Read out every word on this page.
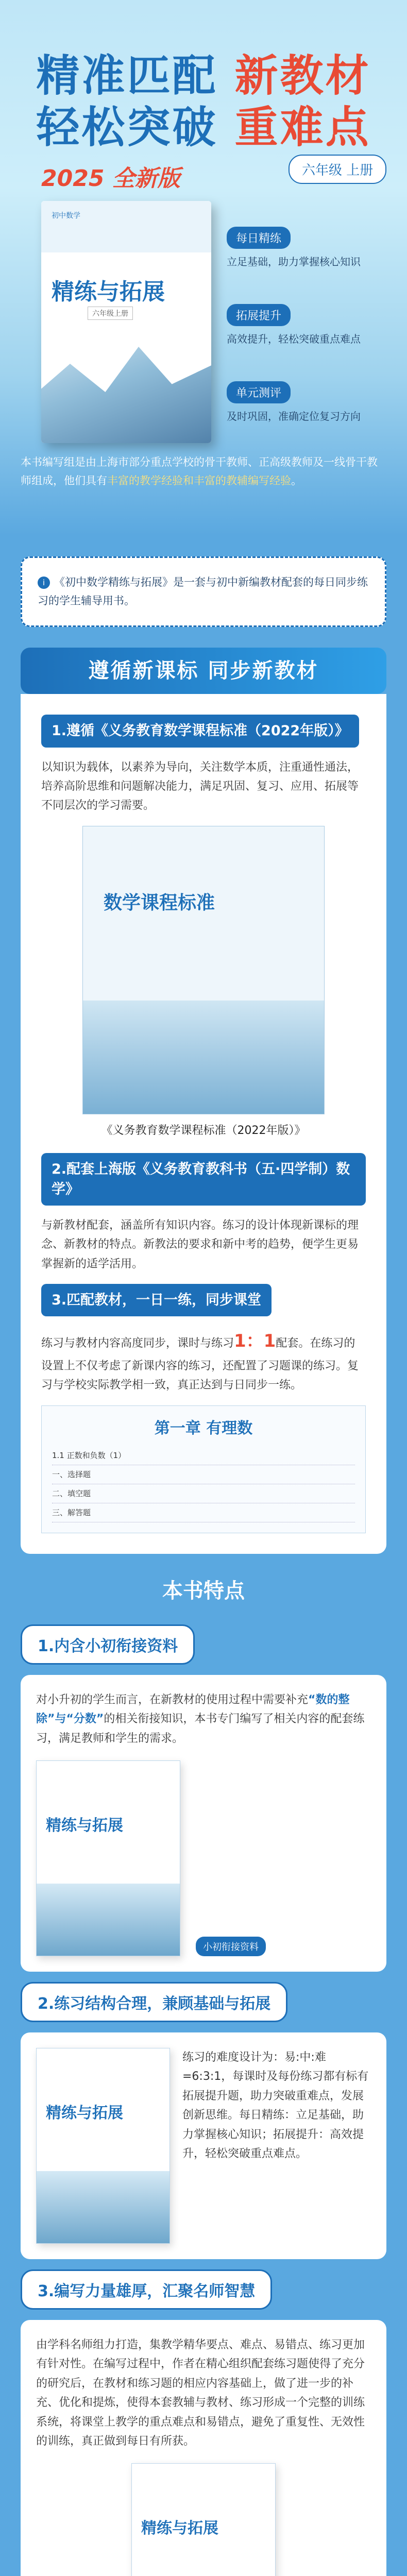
精准匹配 新教材
轻松突破 重难点
2025 全新版	六年级 上册
初中数学
精练与拓展
六年级上册
每日精练
立足基础，助力掌握核心知识
拓展提升
高效提升，轻松突破重点难点
单元测评
及时巩固，准确定位复习方向
本书编写组是由上海市部分重点学校的骨干教师、正高级教师及一线骨干教师组成，他们具有丰富的教学经验和丰富的教辅编写经验。

i 《初中数学精练与拓展》是一套与初中新编教材配套的每日同步练习的学生辅导用书。

遵循新课标 同步新教材
1.遵循《义务教育数学课程标准（2022年版）》
以知识为载体，以素养为导向，关注数学本质，注重通性通法，培养高阶思维和问题解决能力，满足巩固、复习、应用、拓展等不同层次的学习需要。
数学课程标准
《义务教育数学课程标准（2022年版）》
2.配套上海版《义务教育教科书（五·四学制）数学》
与新教材配套，涵盖所有知识内容。练习的设计体现新课标的理念、新教材的特点。新教法的要求和新中考的趋势，便学生更易掌握新的适学活用。
3.匹配教材，一日一练，同步课堂
练习与教材内容高度同步，课时与练习1：1配套。在练习的设置上不仅考虑了新课内容的练习，还配置了习题课的练习。复习与学校实际教学相一致，真正达到与日同步一练。
第一章 有理数
1.1 正数和负数（1）
一、选择题
二、填空题
三、解答题
本书特点
1.内含小初衔接资料
对小升初的学生而言，在新教材的使用过程中需要补充“数的整除”与“分数”的相关衔接知识，本书专门编写了相关内容的配套练习，满足教师和学生的需求。
精练与拓展
小初衔接资料
2.练习结构合理，兼顾基础与拓展
精练与拓展
练习的难度设计为：易:中:难=6:3:1，每课时及每份练习都有标有拓展提升题，助力突破重难点，发展创新思维。每日精练：立足基础，助力掌握核心知识；拓展提升：高效提升，轻松突破重点难点。
3.编写力量雄厚，汇聚名师智慧
由学科名师组力打造，集教学精华要点、难点、易错点、练习更加有针对性。在编写过程中，作者在精心组织配套练习题使得了充分的研究后，在教材和练习题的相应内容基础上，做了进一步的补充、优化和提炼，使得本套教辅与教材、练习形成一个完整的训练系统，将课堂上教学的重点难点和易错点，避免了重复性、无效性的训练，真正做到每日有所获。
精练与拓展
